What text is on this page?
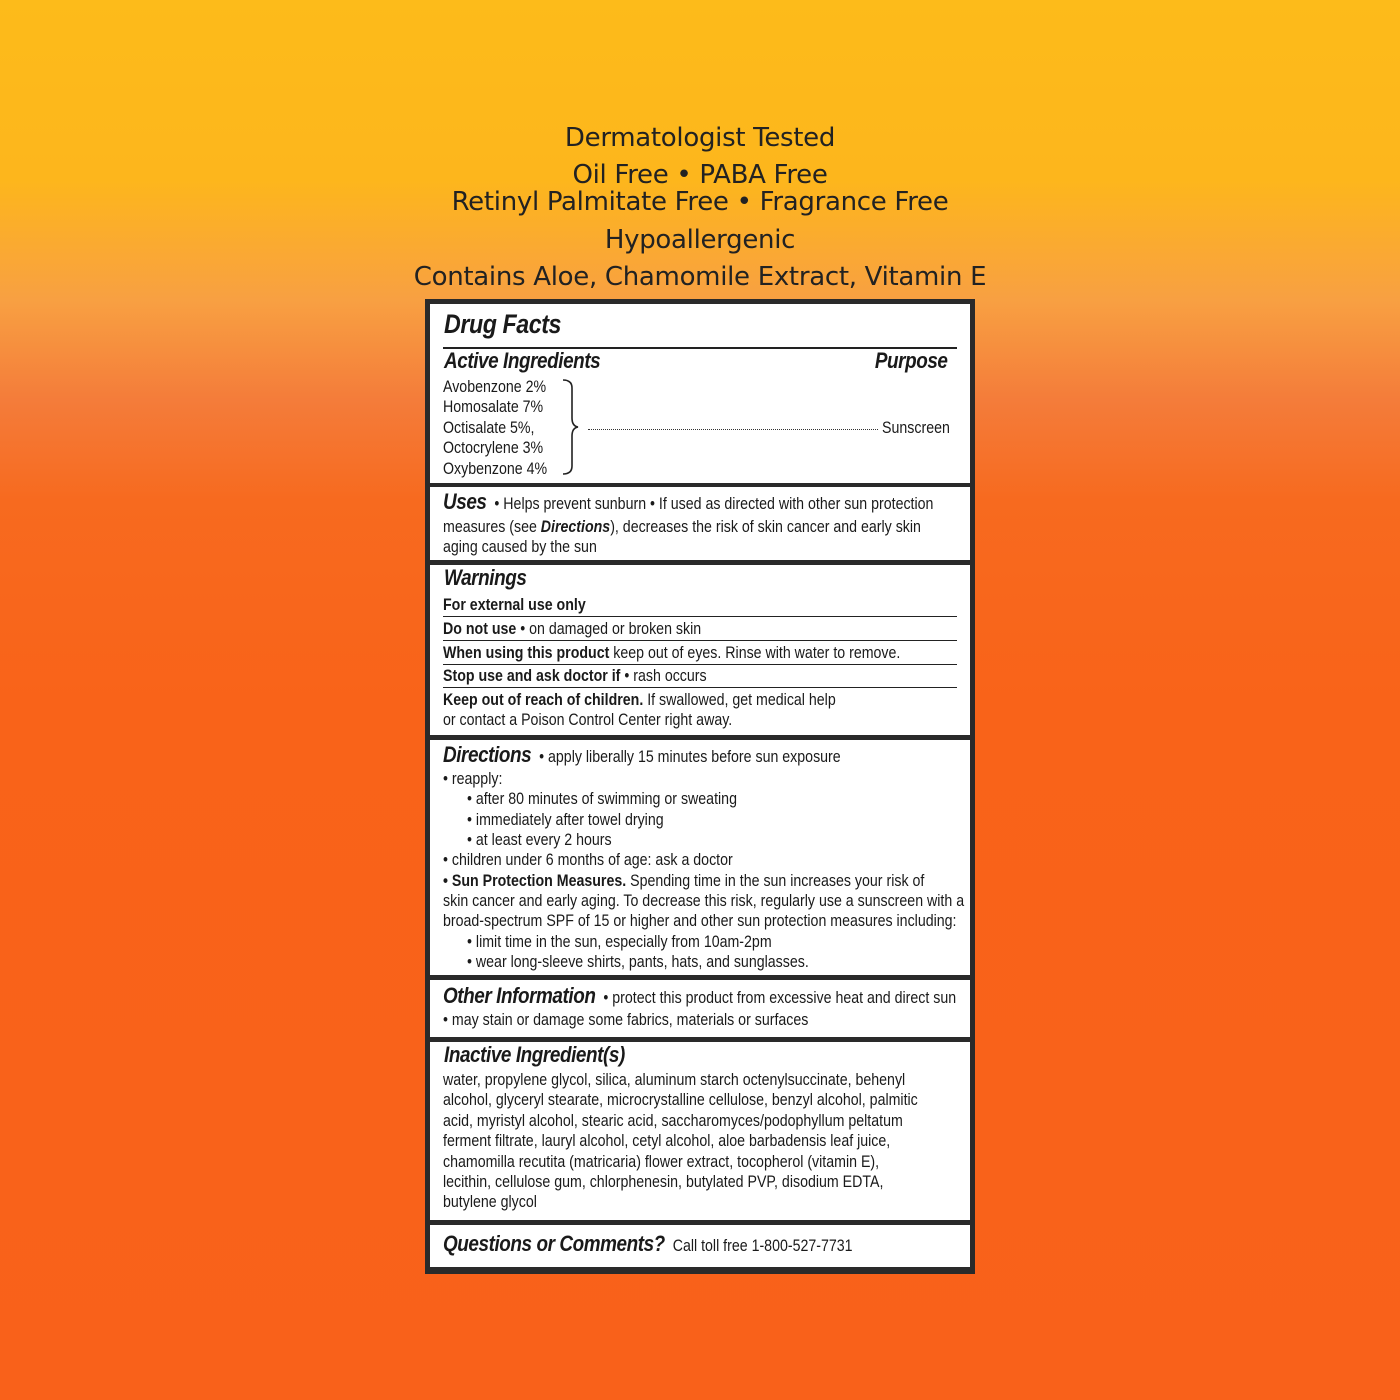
Dermatologist Tested
Oil Free • PABA Free
Retinyl Palmitate Free • Fragrance Free
Hypoallergenic
Contains Aloe, Chamomile Extract, Vitamin E
Drug Facts
Active Ingredients	Purpose
Avobenzone 2%
Homosalate 7%
Octisalate 5%,
Octocrylene 3%
Oxybenzone 4%
Sunscreen
Uses • Helps prevent sunburn • If used as directed with other sun protection
measures (see Directions), decreases the risk of skin cancer and early skin
aging caused by the sun
Warnings
For external use only
Do not use • on damaged or broken skin
When using this product keep out of eyes. Rinse with water to remove.
Stop use and ask doctor if • rash occurs
Keep out of reach of children. If swallowed, get medical help
or contact a Poison Control Center right away.
Directions • apply liberally 15 minutes before sun exposure
• reapply:
• after 80 minutes of swimming or sweating
• immediately after towel drying
• at least every 2 hours
• children under 6 months of age: ask a doctor
• Sun Protection Measures. Spending time in the sun increases your risk of
skin cancer and early aging. To decrease this risk, regularly use a sunscreen with a
broad-spectrum SPF of 15 or higher and other sun protection measures including:
• limit time in the sun, especially from 10am-2pm
• wear long-sleeve shirts, pants, hats, and sunglasses.
Other Information • protect this product from excessive heat and direct sun
• may stain or damage some fabrics, materials or surfaces
Inactive Ingredient(s)
water, propylene glycol, silica, aluminum starch octenylsuccinate, behenyl
alcohol, glyceryl stearate, microcrystalline cellulose, benzyl alcohol, palmitic
acid, myristyl alcohol, stearic acid, saccharomyces/podophyllum peltatum
ferment filtrate, lauryl alcohol, cetyl alcohol, aloe barbadensis leaf juice,
chamomilla recutita (matricaria) flower extract, tocopherol (vitamin E),
lecithin, cellulose gum, chlorphenesin, butylated PVP, disodium EDTA,
butylene glycol
Questions or Comments? Call toll free 1-800-527-7731
